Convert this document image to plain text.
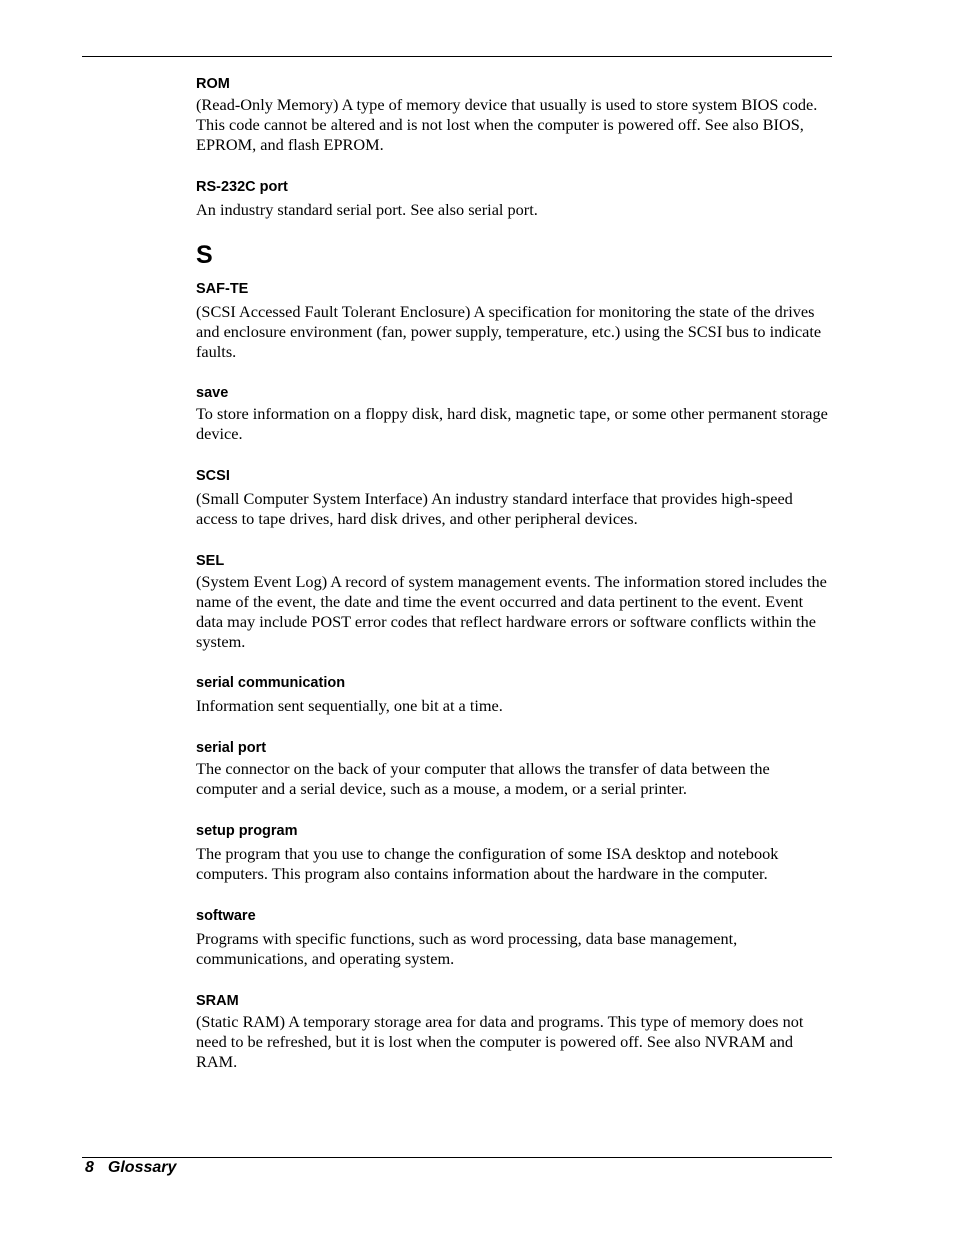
ROM

(Read-Only Memory) A type of memory device that usually is used to store system BIOS code. This code cannot be altered and is not lost when the computer is powered off. See also BIOS, EPROM, and flash EPROM.

RS-232C port

An industry standard serial port. See also serial port.

S

SAF-TE

(SCSI Accessed Fault Tolerant Enclosure) A specification for monitoring the state of the drives and enclosure environment (fan, power supply, temperature, etc.) using the SCSI bus to indicate faults.

save

To store information on a floppy disk, hard disk, magnetic tape, or some other permanent storage device.

SCSI

(Small Computer System Interface) An industry standard interface that provides high-speed access to tape drives, hard disk drives, and other peripheral devices.

SEL

(System Event Log) A record of system management events. The information stored includes the name of the event, the date and time the event occurred and data pertinent to the event. Event data may include POST error codes that reflect hardware errors or software conflicts within the system.

serial communication

Information sent sequentially, one bit at a time.

serial port

The connector on the back of your computer that allows the transfer of data between the computer and a serial device, such as a mouse, a modem, or a serial printer.

setup program

The program that you use to change the configuration of some ISA desktop and notebook computers. This program also contains information about the hardware in the computer.

software

Programs with specific functions, such as word processing, data base management, communications, and operating system.

SRAM

(Static RAM) A temporary storage area for data and programs. This type of memory does not need to be refreshed, but it is lost when the computer is powered off. See also NVRAM and RAM.

8 Glossary
